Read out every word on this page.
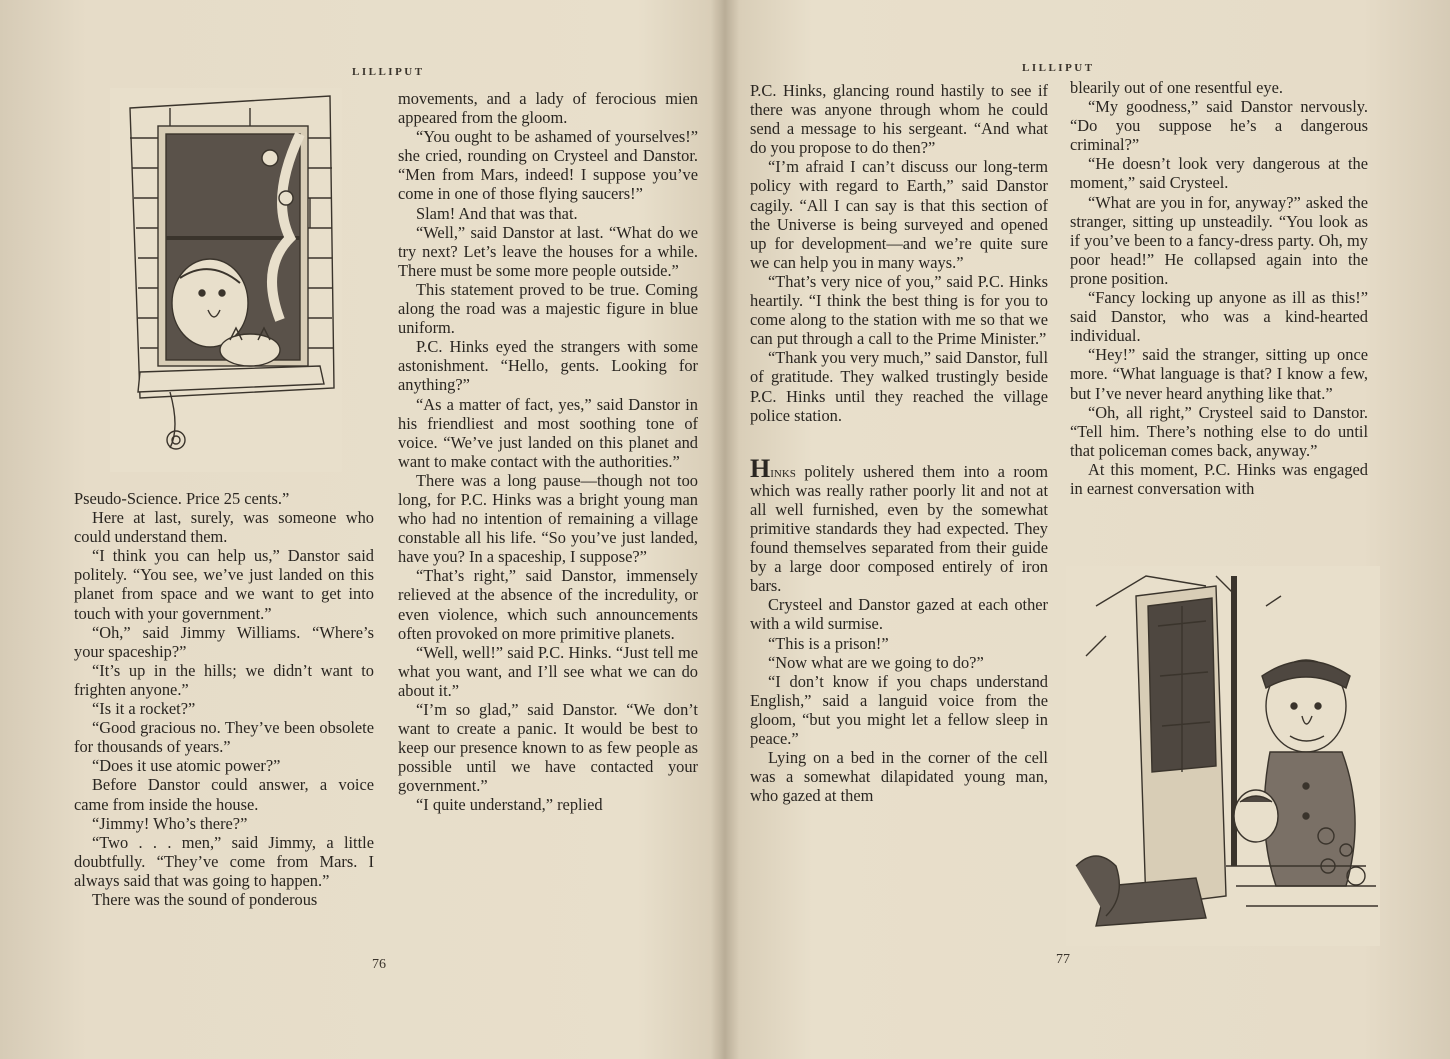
LILLIPUT

Pseudo-Science. Price 25 cents.”

Here at last, surely, was someone who could understand them.

“I think you can help us,” Danstor said politely. “You see, we’ve just landed on this planet from space and we want to get into touch with your government.”

“Oh,” said Jimmy Williams. “Where’s your spaceship?”

“It’s up in the hills; we didn’t want to frighten anyone.”

“Is it a rocket?”

“Good gracious no. They’ve been obsolete for thousands of years.”

“Does it use atomic power?”

Before Danstor could answer, a voice came from inside the house.

“Jimmy! Who’s there?”

“Two . . . men,” said Jimmy, a little doubtfully. “They’ve come from Mars. I always said that was going to happen.”

There was the sound of ponderous

movements, and a lady of ferocious mien appeared from the gloom.

“You ought to be ashamed of yourselves!” she cried, rounding on Crysteel and Danstor. “Men from Mars, indeed! I suppose you’ve come in one of those flying saucers!”

Slam! And that was that.

“Well,” said Danstor at last. “What do we try next? Let’s leave the houses for a while. There must be some more people outside.”

This statement proved to be true. Coming along the road was a majestic figure in blue uniform.

P.C. Hinks eyed the strangers with some astonishment. “Hello, gents. Looking for anything?”

“As a matter of fact, yes,” said Danstor in his friendliest and most soothing tone of voice. “We’ve just landed on this planet and want to make contact with the authorities.”

There was a long pause—though not too long, for P.C. Hinks was a bright young man who had no intention of remaining a village constable all his life. “So you’ve just landed, have you? In a spaceship, I suppose?”

“That’s right,” said Danstor, immensely relieved at the absence of the incredulity, or even violence, which such announcements often provoked on more primitive planets.

“Well, well!” said P.C. Hinks. “Just tell me what you want, and I’ll see what we can do about it.”

“I’m so glad,” said Danstor. “We don’t want to create a panic. It would be best to keep our presence known to as few people as possible until we have contacted your government.”

“I quite understand,” replied

76
LILLIPUT

P.C. Hinks, glancing round hastily to see if there was anyone through whom he could send a message to his sergeant. “And what do you propose to do then?”

“I’m afraid I can’t discuss our long-term policy with regard to Earth,” said Danstor cagily. “All I can say is that this section of the Universe is being surveyed and opened up for development—and we’re quite sure we can help you in many ways.”

“That’s very nice of you,” said P.C. Hinks heartily. “I think the best thing is for you to come along to the station with me so that we can put through a call to the Prime Minister.”

“Thank you very much,” said Danstor, full of gratitude. They walked trustingly beside P.C. Hinks until they reached the village police station.

Hinks politely ushered them into a room which was really rather poorly lit and not at all well furnished, even by the somewhat primitive standards they had expected. They found themselves separated from their guide by a large door composed entirely of iron bars.

Crysteel and Danstor gazed at each other with a wild surmise.

“This is a prison!”

“Now what are we going to do?”

“I don’t know if you chaps understand English,” said a languid voice from the gloom, “but you might let a fellow sleep in peace.”

Lying on a bed in the corner of the cell was a somewhat dilapidated young man, who gazed at them

blearily out of one resentful eye.

“My goodness,” said Danstor nervously. “Do you suppose he’s a dangerous criminal?”

“He doesn’t look very dangerous at the moment,” said Crysteel.

“What are you in for, anyway?” asked the stranger, sitting up unsteadily. “You look as if you’ve been to a fancy-dress party. Oh, my poor head!” He collapsed again into the prone position.

“Fancy locking up anyone as ill as this!” said Danstor, who was a kind-hearted individual.

“Hey!” said the stranger, sitting up once more. “What language is that? I know a few, but I’ve never heard anything like that.”

“Oh, all right,” Crysteel said to Danstor. “Tell him. There’s nothing else to do until that policeman comes back, anyway.”

At this moment, P.C. Hinks was engaged in earnest conversation with

77
